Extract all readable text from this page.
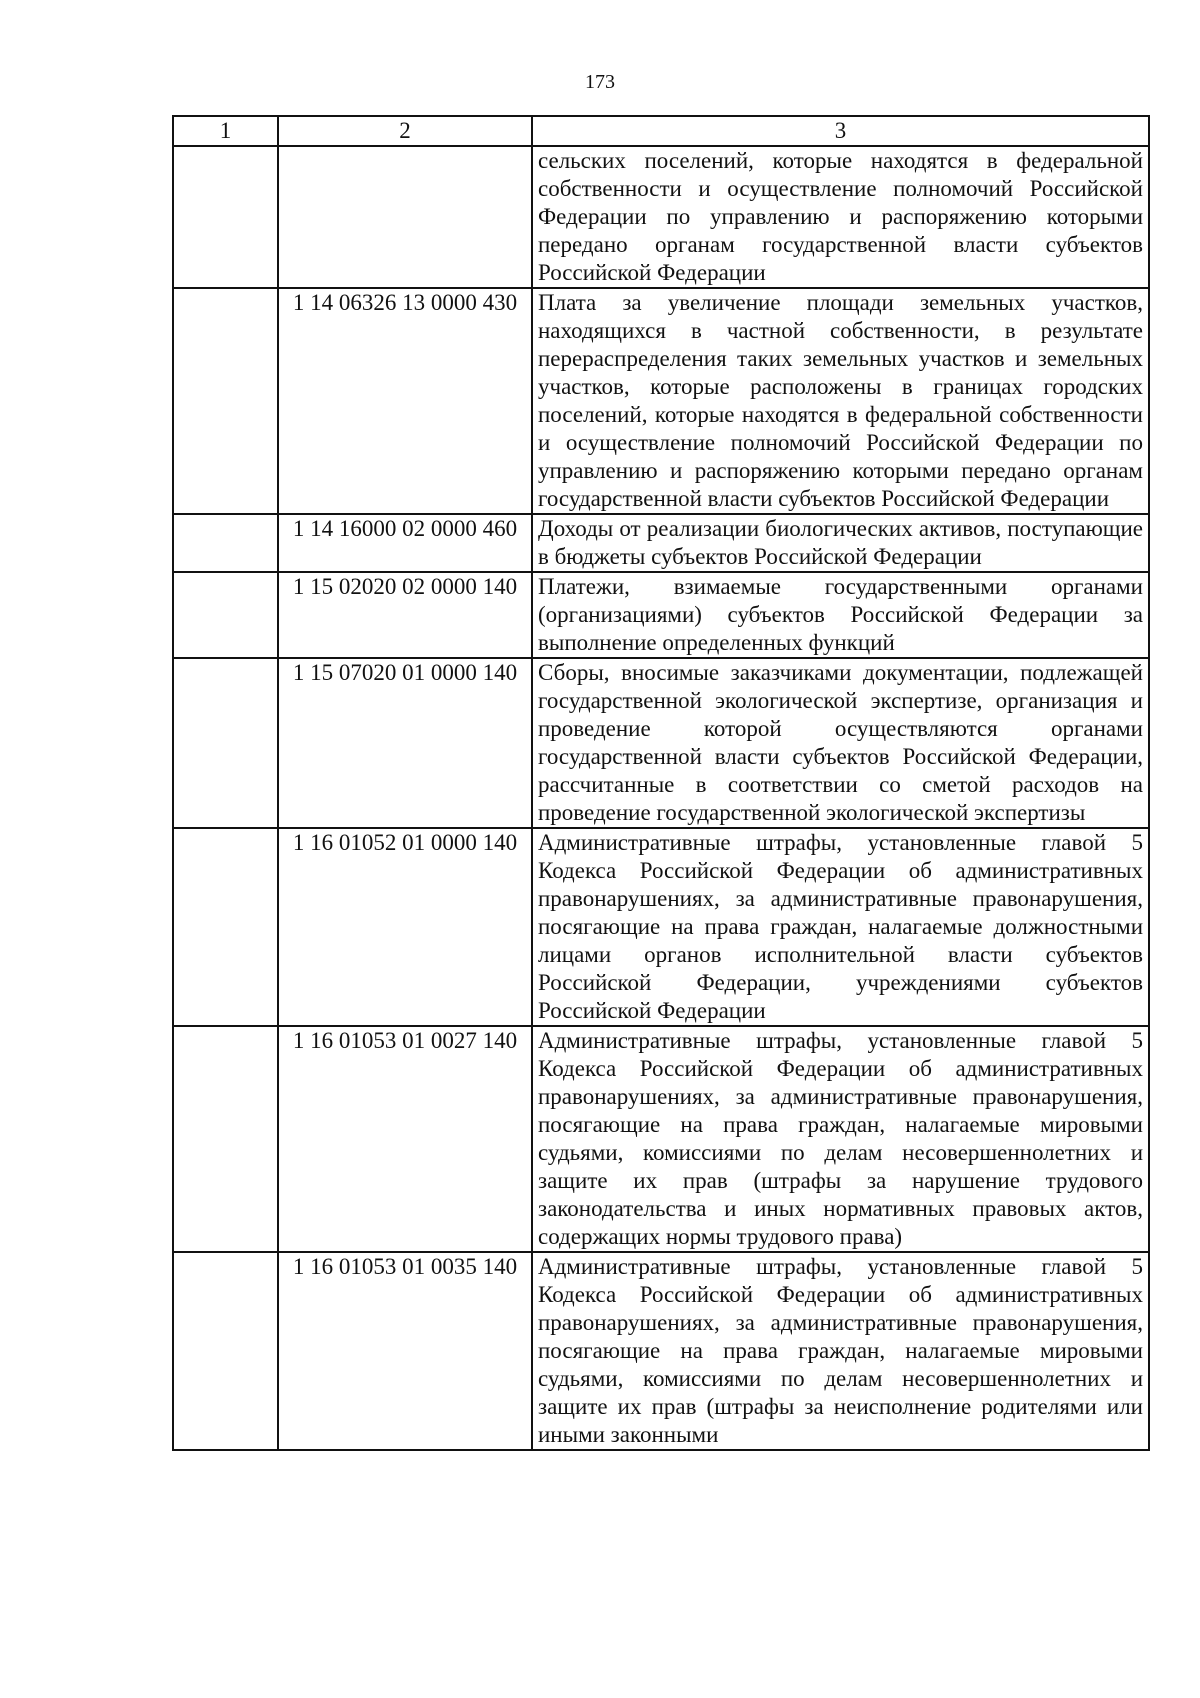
173
1	2	3
		сельских поселений, которые находятся в федеральной собственности и осуществление полномочий Российской Федерации по управлению и распоряжению которыми передано органам государственной власти субъектов Российской Федерации
	1 14 06326 13 0000 430	Плата за увеличение площади земельных участков, находящихся в частной собственности, в результате перераспределения таких земельных участков и земельных участков, которые расположены в границах городских поселений, которые находятся в федеральной собственности и осуществление полномочий Российской Федерации по управлению и распоряжению которыми передано органам государственной власти субъектов Российской Федерации
	1 14 16000 02 0000 460	Доходы от реализации биологических активов, поступающие в бюджеты субъектов Российской Федерации
	1 15 02020 02 0000 140	Платежи, взимаемые государственными органами (организациями) субъектов Российской Федерации за выполнение определенных функций
	1 15 07020 01 0000 140	Сборы, вносимые заказчиками документации, подлежащей государственной экологической экспертизе, организация и проведение которой осуществляются органами государственной власти субъектов Российской Федерации, рассчитанные в соответствии со сметой расходов на проведение государственной экологической экспертизы
	1 16 01052 01 0000 140	Административные штрафы, установленные главой 5 Кодекса Российской Федерации об административных правонарушениях, за административные правонарушения, посягающие на права граждан, налагаемые должностными лицами органов исполнительной власти субъектов Российской Федерации, учреждениями субъектов Российской Федерации
	1 16 01053 01 0027 140	Административные штрафы, установленные главой 5 Кодекса Российской Федерации об административных правонарушениях, за административные правонарушения, посягающие на права граждан, налагаемые мировыми судьями, комиссиями по делам несовершеннолетних и защите их прав (штрафы за нарушение трудового законодательства и иных нормативных правовых актов, содержащих нормы трудового права)
	1 16 01053 01 0035 140	Административные штрафы, установленные главой 5 Кодекса Российской Федерации об административных правонарушениях, за административные правонарушения, посягающие на права граждан, налагаемые мировыми судьями, комиссиями по делам несовершеннолетних и защите их прав (штрафы за неисполнение родителями или иными законными
